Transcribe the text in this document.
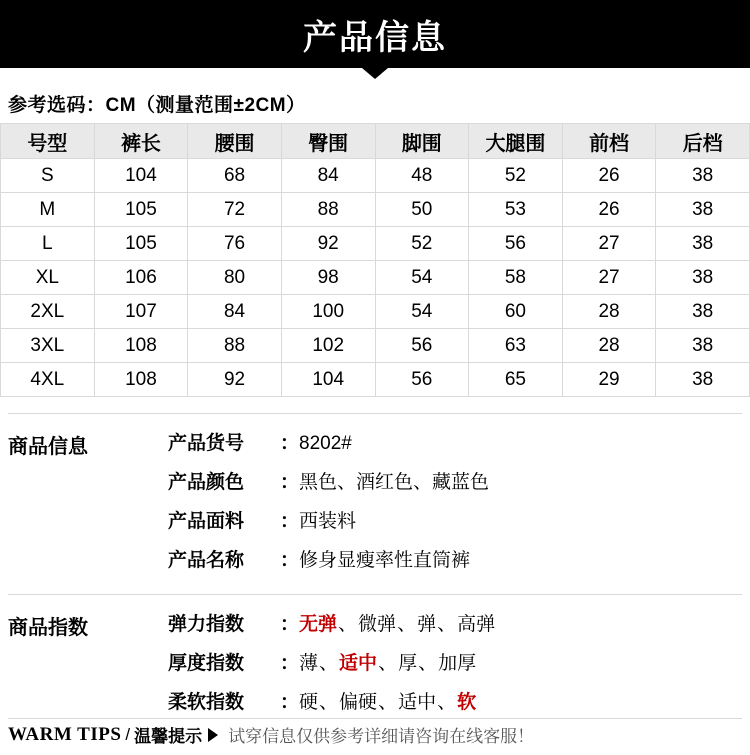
产品信息
参考选码：CM（测量范围±2CM）
号型	裤长	腰围	臀围	脚围	大腿围	前档	后档
S	104	68	84	48	52	26	38
M	105	72	88	50	53	26	38
L	105	76	92	52	56	27	38
XL	106	80	98	54	58	27	38
2XL	107	84	100	54	60	28	38
3XL	108	88	102	56	63	28	38
4XL	108	92	104	56	65	29	38
商品信息	产品货号	： 8202#
产品颜色	： 黑色、酒红色、藏蓝色
产品面料	： 西装料
产品名称	： 修身显瘦率性直筒裤
商品指数	弹力指数	： 无弹 、 微弹 、 弹 、 高弹
厚度指数	： 薄 、 适中 、 厚 、 加厚
柔软指数	： 硬 、 偏硬 、 适中 、 软
WARM TIPS / 温馨提示 试穿信息仅供参考详细请咨询在线客服！
